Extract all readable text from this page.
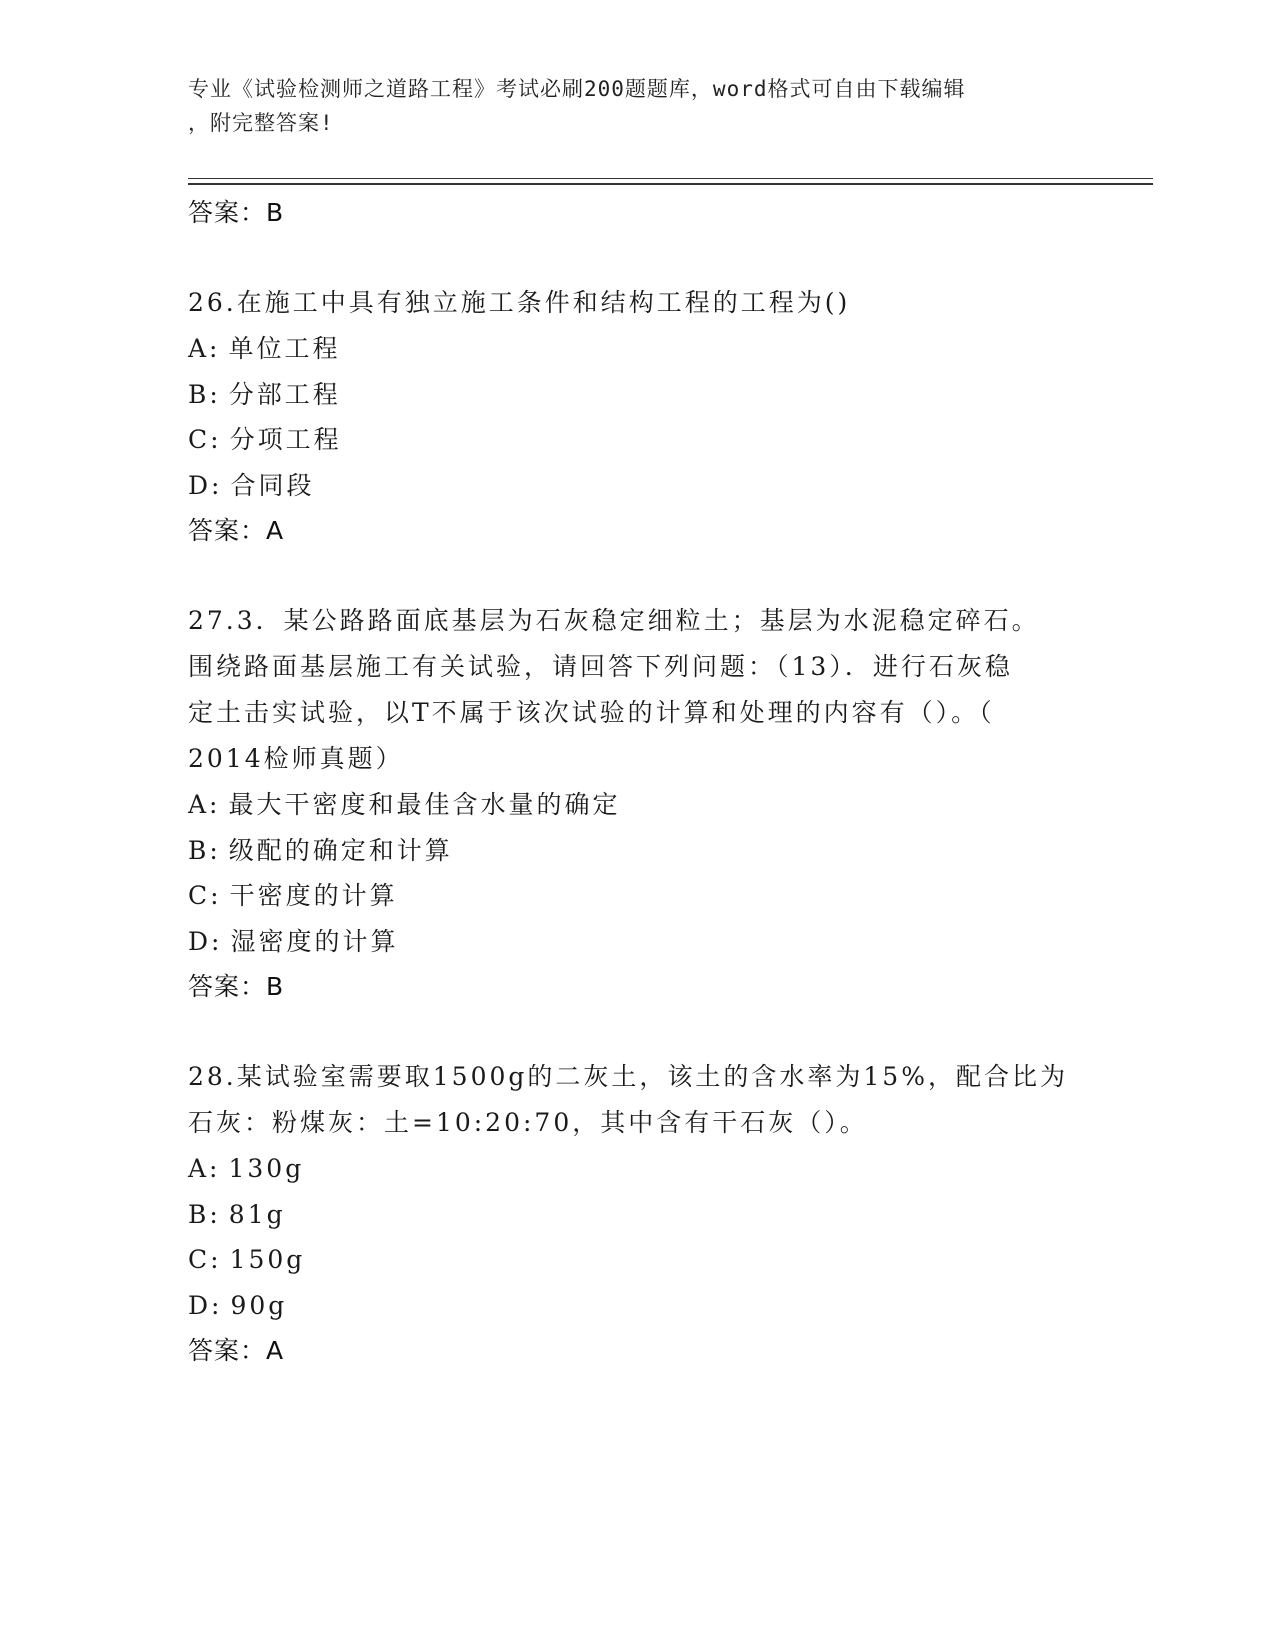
专业《试验检测师之道路工程》考试必刷200题题库，word格式可自由下载编辑
，附完整答案!
答案：B
26.在施工中具有独立施工条件和结构工程的工程为()
A: 单位工程
B: 分部工程
C: 分项工程
D: 合同段
答案：A
27.3．某公路路面底基层为石灰稳定细粒土；基层为水泥稳定碎石。
围绕路面基层施工有关试验，请回答下列问题：（13）．进行石灰稳
定土击实试验，以T不属于该次试验的计算和处理的内容有（）。（
2014检师真题）
A: 最大干密度和最佳含水量的确定
B: 级配的确定和计算
C: 干密度的计算
D: 湿密度的计算
答案：B
28.某试验室需要取1500g的二灰土，该土的含水率为15%，配合比为
石灰：粉煤灰：土=10:20:70，其中含有干石灰（）。
A: 130g
B: 81g
C: 150g
D: 90g
答案：A
